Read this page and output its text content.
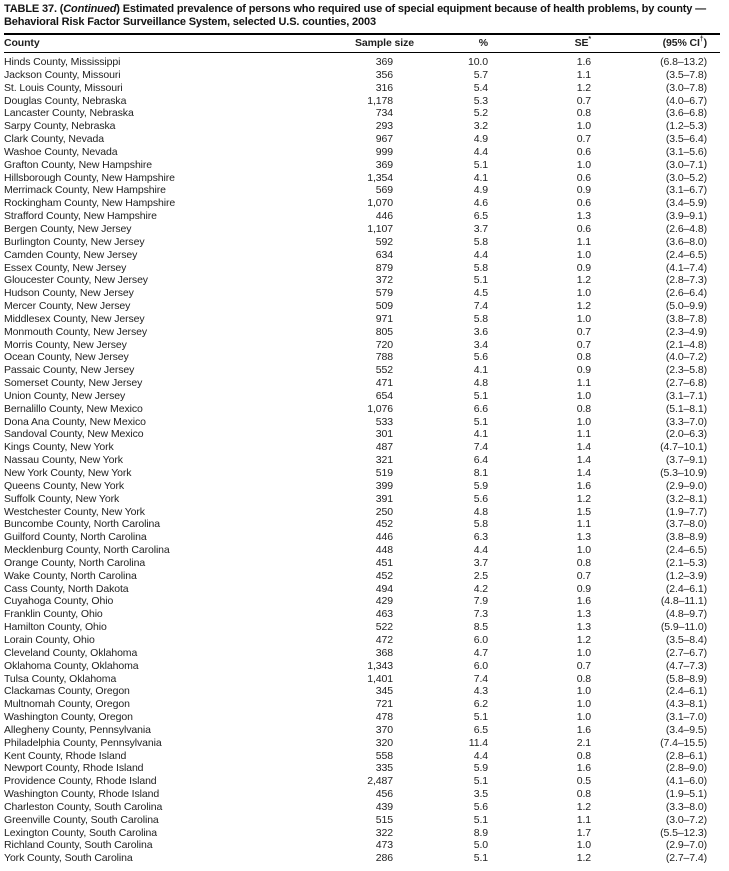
TABLE 37. (Continued) Estimated prevalence of persons who required use of special equipment because of health problems, by county — Behavioral Risk Factor Surveillance System, selected U.S. counties, 2003
County	Sample size	%	SE*	(95% CI†)
Hinds County, Mississippi	369	10.0	1.6	(6.8–13.2)
Jackson County, Missouri	356	5.7	1.1	(3.5–7.8)
St. Louis County, Missouri	316	5.4	1.2	(3.0–7.8)
Douglas County, Nebraska	1,178	5.3	0.7	(4.0–6.7)
Lancaster County, Nebraska	734	5.2	0.8	(3.6–6.8)
Sarpy County, Nebraska	293	3.2	1.0	(1.2–5.3)
Clark County, Nevada	967	4.9	0.7	(3.5–6.4)
Washoe County, Nevada	999	4.4	0.6	(3.1–5.6)
Grafton County, New Hampshire	369	5.1	1.0	(3.0–7.1)
Hillsborough County, New Hampshire	1,354	4.1	0.6	(3.0–5.2)
Merrimack County, New Hampshire	569	4.9	0.9	(3.1–6.7)
Rockingham County, New Hampshire	1,070	4.6	0.6	(3.4–5.9)
Strafford County, New Hampshire	446	6.5	1.3	(3.9–9.1)
Bergen County, New Jersey	1,107	3.7	0.6	(2.6–4.8)
Burlington County, New Jersey	592	5.8	1.1	(3.6–8.0)
Camden County, New Jersey	634	4.4	1.0	(2.4–6.5)
Essex County, New Jersey	879	5.8	0.9	(4.1–7.4)
Gloucester County, New Jersey	372	5.1	1.2	(2.8–7.3)
Hudson County, New Jersey	579	4.5	1.0	(2.6–6.4)
Mercer County, New Jersey	509	7.4	1.2	(5.0–9.9)
Middlesex County, New Jersey	971	5.8	1.0	(3.8–7.8)
Monmouth County, New Jersey	805	3.6	0.7	(2.3–4.9)
Morris County, New Jersey	720	3.4	0.7	(2.1–4.8)
Ocean County, New Jersey	788	5.6	0.8	(4.0–7.2)
Passaic County, New Jersey	552	4.1	0.9	(2.3–5.8)
Somerset County, New Jersey	471	4.8	1.1	(2.7–6.8)
Union County, New Jersey	654	5.1	1.0	(3.1–7.1)
Bernalillo County, New Mexico	1,076	6.6	0.8	(5.1–8.1)
Dona Ana County, New Mexico	533	5.1	1.0	(3.3–7.0)
Sandoval County, New Mexico	301	4.1	1.1	(2.0–6.3)
Kings County, New York	487	7.4	1.4	(4.7–10.1)
Nassau County, New York	321	6.4	1.4	(3.7–9.1)
New York County, New York	519	8.1	1.4	(5.3–10.9)
Queens County, New York	399	5.9	1.6	(2.9–9.0)
Suffolk County, New York	391	5.6	1.2	(3.2–8.1)
Westchester County, New York	250	4.8	1.5	(1.9–7.7)
Buncombe County, North Carolina	452	5.8	1.1	(3.7–8.0)
Guilford County, North Carolina	446	6.3	1.3	(3.8–8.9)
Mecklenburg County, North Carolina	448	4.4	1.0	(2.4–6.5)
Orange County, North Carolina	451	3.7	0.8	(2.1–5.3)
Wake County, North Carolina	452	2.5	0.7	(1.2–3.9)
Cass County, North Dakota	494	4.2	0.9	(2.4–6.1)
Cuyahoga County, Ohio	429	7.9	1.6	(4.8–11.1)
Franklin County, Ohio	463	7.3	1.3	(4.8–9.7)
Hamilton County, Ohio	522	8.5	1.3	(5.9–11.0)
Lorain County, Ohio	472	6.0	1.2	(3.5–8.4)
Cleveland County, Oklahoma	368	4.7	1.0	(2.7–6.7)
Oklahoma County, Oklahoma	1,343	6.0	0.7	(4.7–7.3)
Tulsa County, Oklahoma	1,401	7.4	0.8	(5.8–8.9)
Clackamas County, Oregon	345	4.3	1.0	(2.4–6.1)
Multnomah County, Oregon	721	6.2	1.0	(4.3–8.1)
Washington County, Oregon	478	5.1	1.0	(3.1–7.0)
Allegheny County, Pennsylvania	370	6.5	1.6	(3.4–9.5)
Philadelphia County, Pennsylvania	320	11.4	2.1	(7.4–15.5)
Kent County, Rhode Island	558	4.4	0.8	(2.8–6.1)
Newport County, Rhode Island	335	5.9	1.6	(2.8–9.0)
Providence County, Rhode Island	2,487	5.1	0.5	(4.1–6.0)
Washington County, Rhode Island	456	3.5	0.8	(1.9–5.1)
Charleston County, South Carolina	439	5.6	1.2	(3.3–8.0)
Greenville County, South Carolina	515	5.1	1.1	(3.0–7.2)
Lexington County, South Carolina	322	8.9	1.7	(5.5–12.3)
Richland County, South Carolina	473	5.0	1.0	(2.9–7.0)
York County, South Carolina	286	5.1	1.2	(2.7–7.4)
